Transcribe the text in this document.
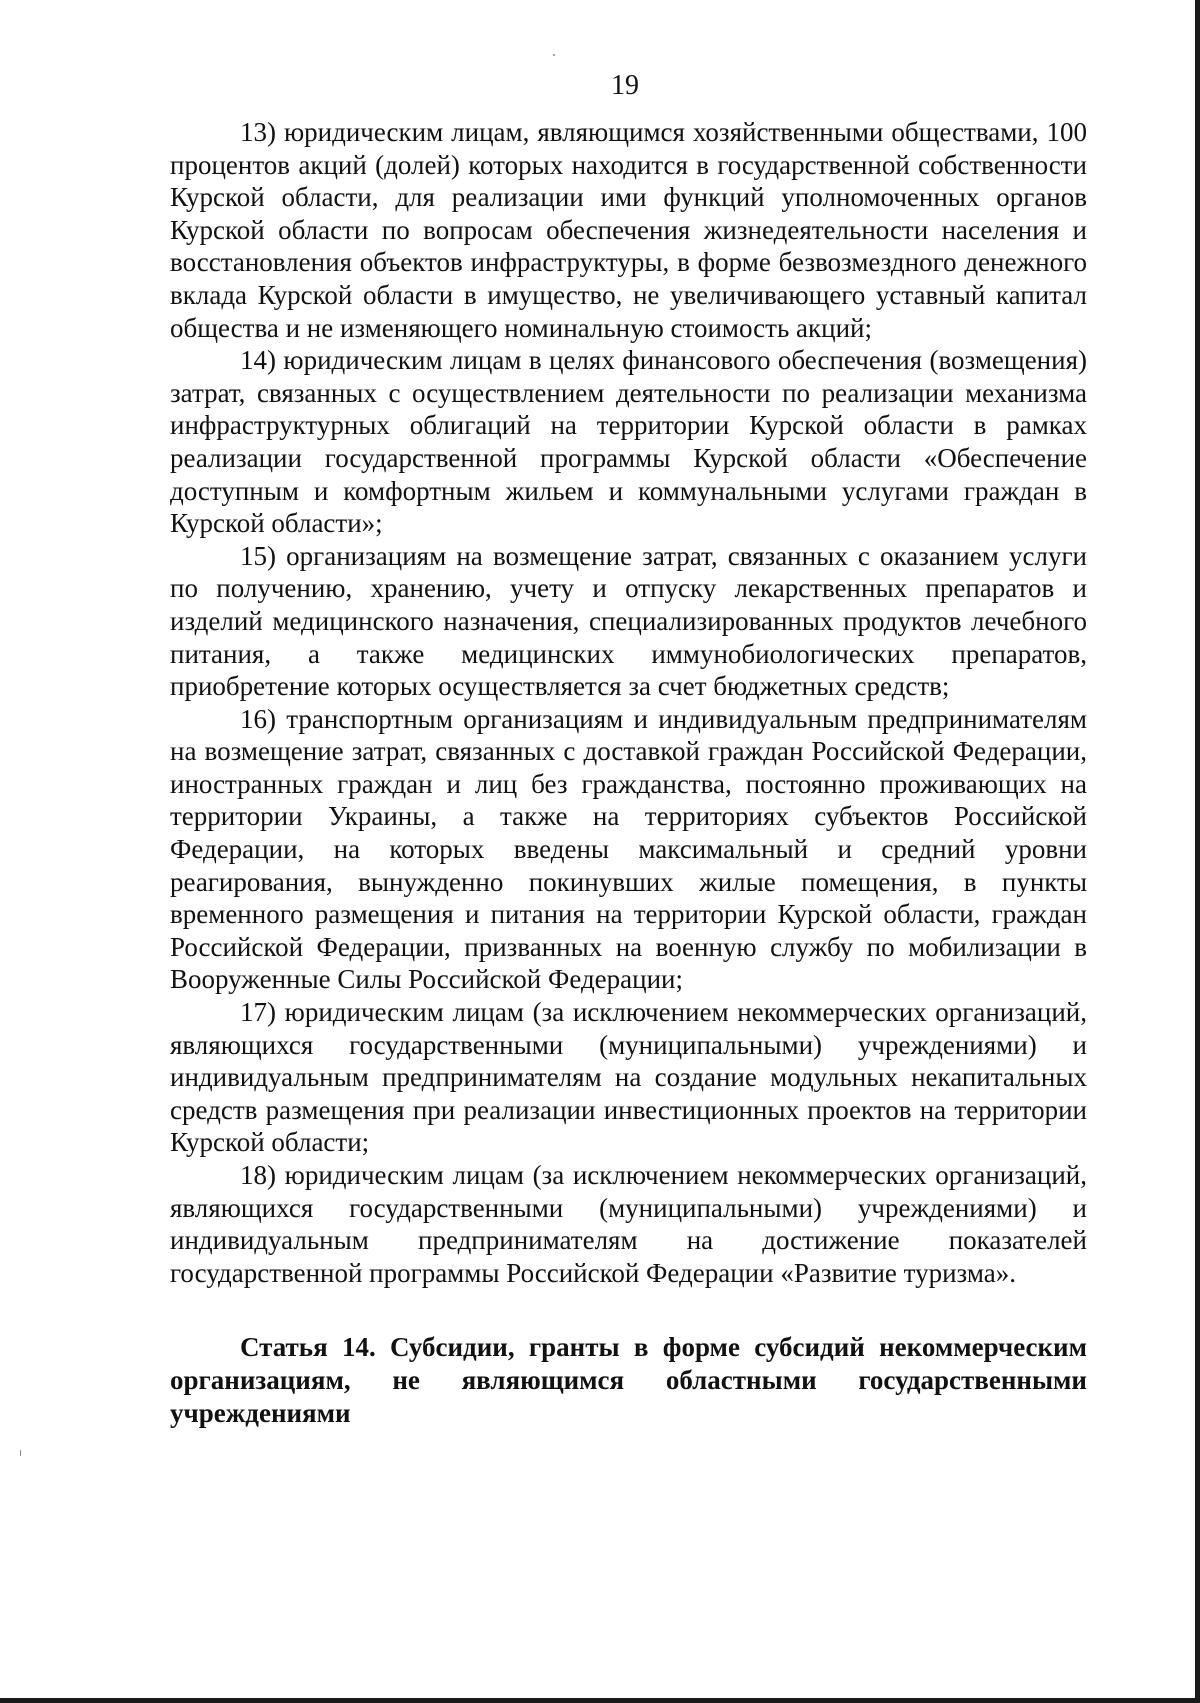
19

13) юридическим лицам, являющимся хозяйственными обществами, 100 процентов акций (долей) которых находится в государственной собственности Курской области, для реализации ими функций уполномоченных органов Курской области по вопросам обеспечения жизнедеятельности населения и восстановления объектов инфраструктуры, в форме безвозмездного денежного вклада Курской области в имущество, не увеличивающего уставный капитал общества и не изменяющего номинальную стоимость акций;

14) юридическим лицам в целях финансового обеспечения (возмещения) затрат, связанных с осуществлением деятельности по реализации механизма инфраструктурных облигаций на территории Курской области в рамках реализации государственной программы Курской области «Обеспечение доступным и комфортным жильем и коммунальными услугами граждан в Курской области»;

15) организациям на возмещение затрат, связанных с оказанием услуги по получению, хранению, учету и отпуску лекарственных препаратов и изделий медицинского назначения, специализированных продуктов лечебного питания, а также медицинских иммунобиологических препаратов, приобретение которых осуществляется за счет бюджетных средств;

16) транспортным организациям и индивидуальным предпринимателям на возмещение затрат, связанных с доставкой граждан Российской Федерации, иностранных граждан и лиц без гражданства, постоянно проживающих на территории Украины, а также на территориях субъектов Российской Федерации, на которых введены максимальный и средний уровни реагирования, вынужденно покинувших жилые помещения, в пункты временного размещения и питания на территории Курской области, граждан Российской Федерации, призванных на военную службу по мобилизации в Вооруженные Силы Российской Федерации;

17) юридическим лицам (за исключением некоммерческих организаций, являющихся государственными (муниципальными) учреждениями) и индивидуальным предпринимателям на создание модульных некапитальных средств размещения при реализации инвестиционных проектов на территории Курской области;

18) юридическим лицам (за исключением некоммерческих организаций, являющихся государственными (муниципальными) учреждениями) и индивидуальным предпринимателям на достижение показателей государственной программы Российской Федерации «Развитие туризма».

Статья 14. Субсидии, гранты в форме субсидий некоммерческим организациям, не являющимся областными государственными учреждениями
